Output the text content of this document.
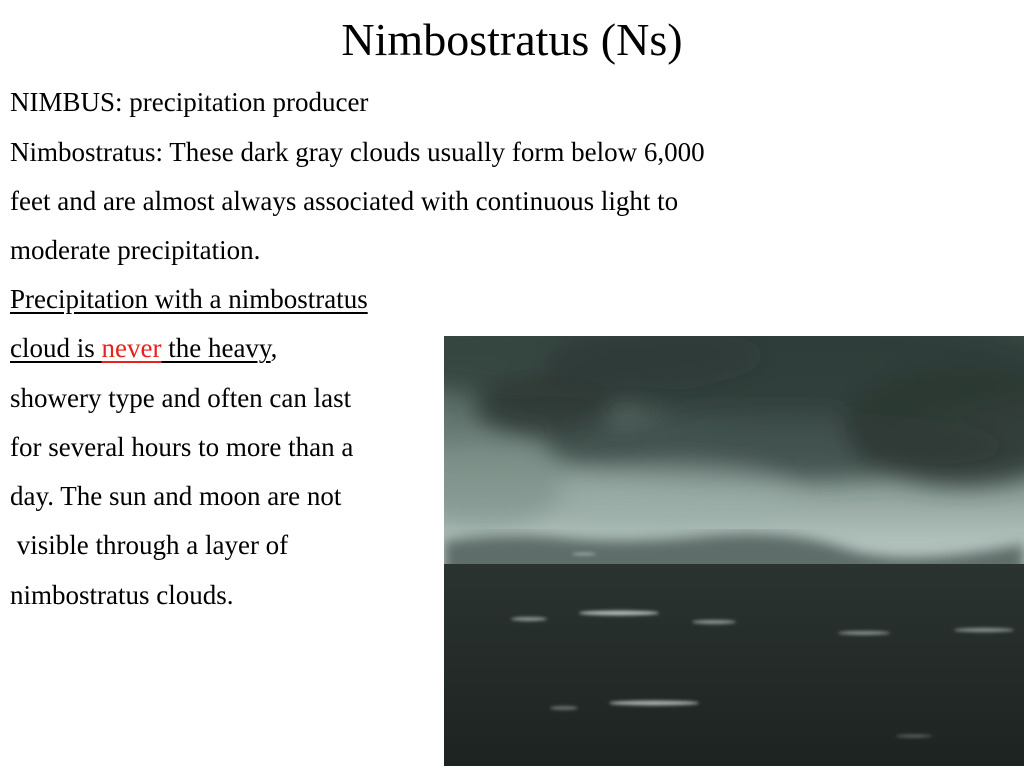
Nimbostratus (Ns)
NIMBUS: precipitation producer
Nimbostratus: These dark gray clouds usually form below 6,000
feet and are almost always associated with continuous light to
moderate precipitation.
Precipitation with a nimbostratus
cloud is never the heavy,
showery type and often can last
for several hours to more than a
day. The sun and moon are not
visible through a layer of
nimbostratus clouds.
